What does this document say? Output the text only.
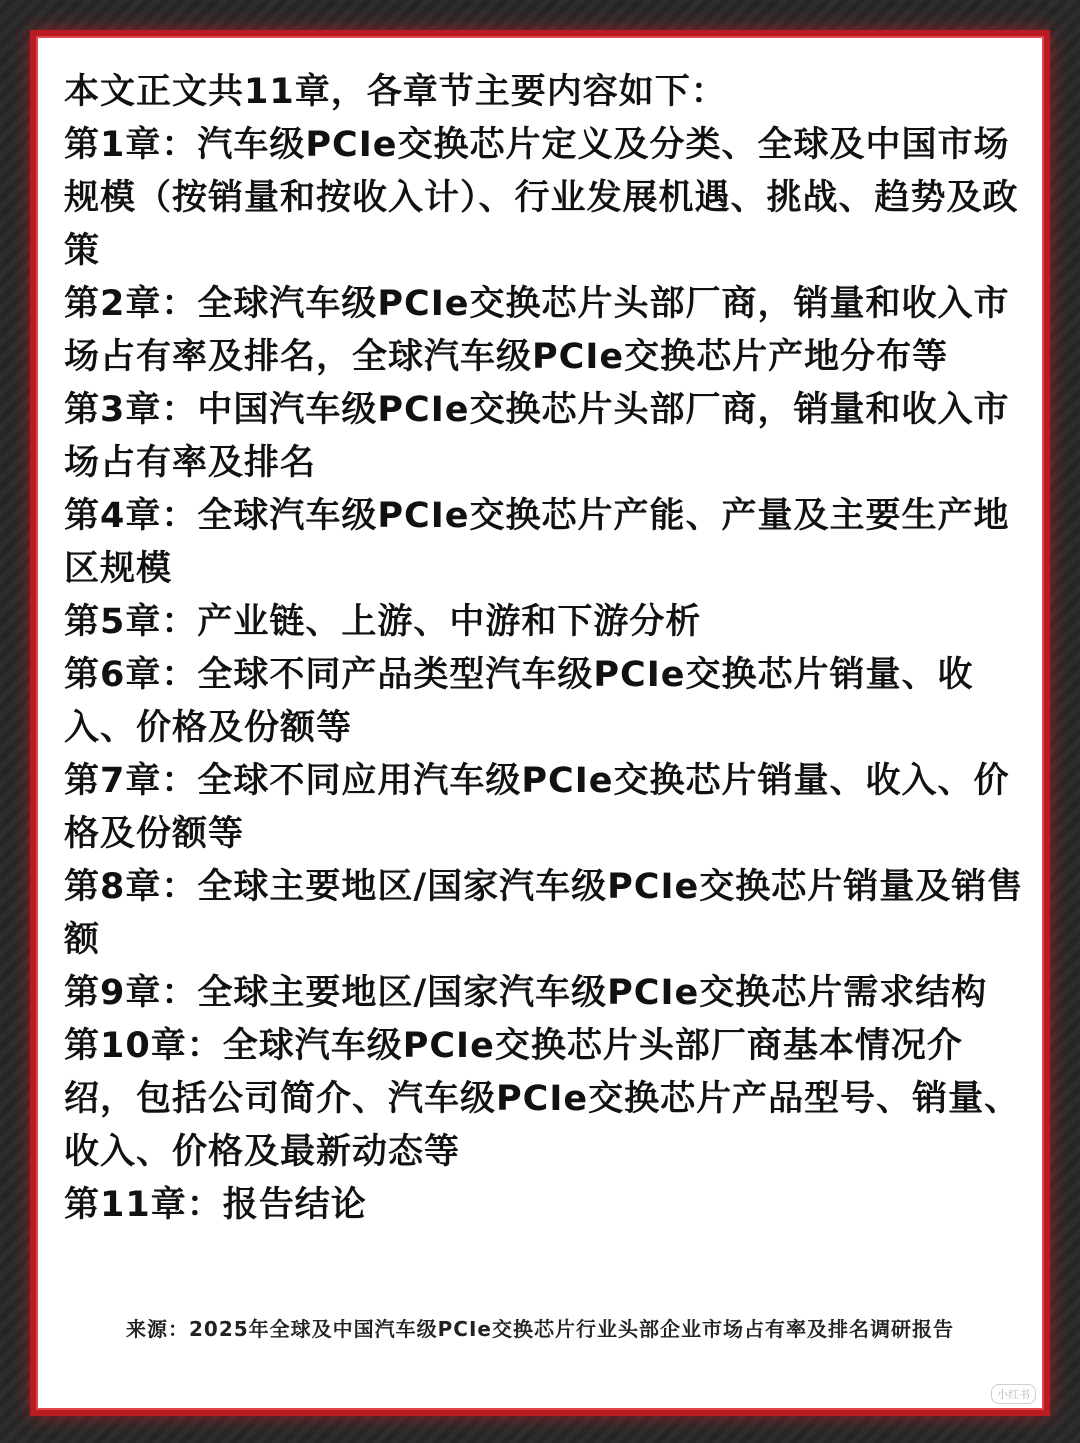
本文正文共11章，各章节主要内容如下：
第1章：汽车级PCIe交换芯片定义及分类、全球及中国市场规模（按销量和按收入计）、行业发展机遇、挑战、趋势及政策
第2章：全球汽车级PCIe交换芯片头部厂商，销量和收入市场占有率及排名，全球汽车级PCIe交换芯片产地分布等
第3章：中国汽车级PCIe交换芯片头部厂商，销量和收入市场占有率及排名
第4章：全球汽车级PCIe交换芯片产能、产量及主要生产地区规模
第5章：产业链、上游、中游和下游分析
第6章：全球不同产品类型汽车级PCIe交换芯片销量、收入、价格及份额等
第7章：全球不同应用汽车级PCIe交换芯片销量、收入、价格及份额等
第8章：全球主要地区/国家汽车级PCIe交换芯片销量及销售额
第9章：全球主要地区/国家汽车级PCIe交换芯片需求结构
第10章：全球汽车级PCIe交换芯片头部厂商基本情况介绍，包括公司简介、汽车级PCIe交换芯片产品型号、销量、收入、价格及最新动态等
第11章：报告结论
来源：2025年全球及中国汽车级PCIe交换芯片行业头部企业市场占有率及排名调研报告
小红书
